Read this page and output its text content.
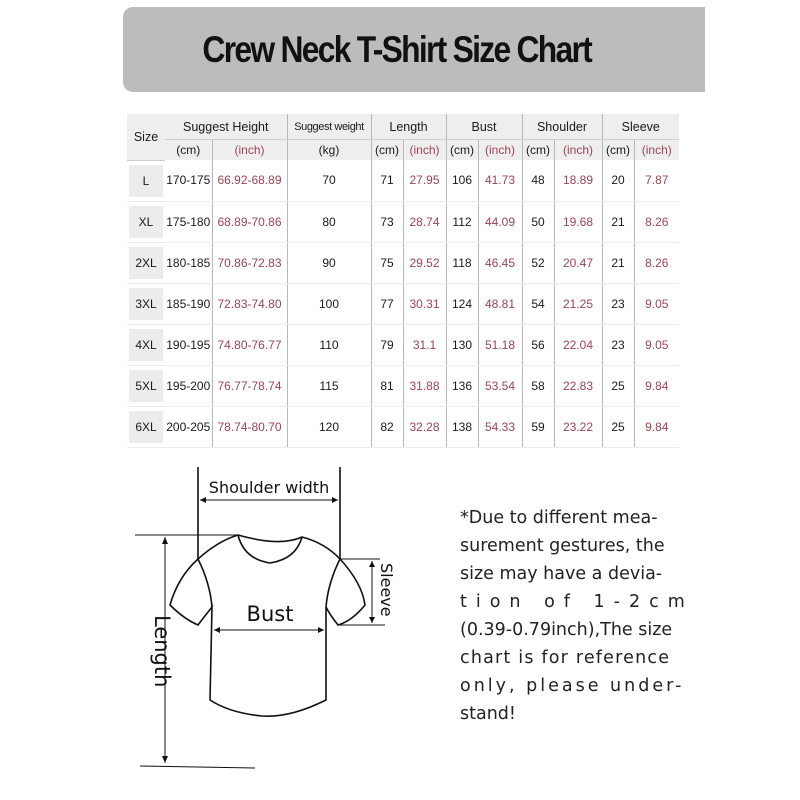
Crew Neck T-Shirt Size Chart
Size	Suggest Height		Suggest weight	Length		Bust		Shoulder		Sleeve	
	(cm)	(inch)	(kg)	(cm)	(inch)	(cm)	(inch)	(cm)	(inch)	(cm)	(inch)
L	170-175	66.92-68.89	70	71	27.95	106	41.73	48	18.89	20	7.87
XL	175-180	68.89-70.86	80	73	28.74	112	44.09	50	19.68	21	8.26
2XL	180-185	70.86-72.83	90	75	29.52	118	46.45	52	20.47	21	8.26
3XL	185-190	72.83-74.80	100	77	30.31	124	48.81	54	21.25	23	9.05
4XL	190-195	74.80-76.77	110	79	31.1	130	51.18	56	22.04	23	9.05
5XL	195-200	76.77-78.74	115	81	31.88	136	53.54	58	22.83	25	9.84
6XL	200-205	78.74-80.70	120	82	32.28	138	54.33	59	23.22	25	9.84
Shoulder width
Bust	Sleeve
Length
*Due to different mea-
surement gestures, the
size may have a devia-
tion of 1-2cm
(0.39-0.79inch),The size
chart is for reference
only, please under-
stand!
